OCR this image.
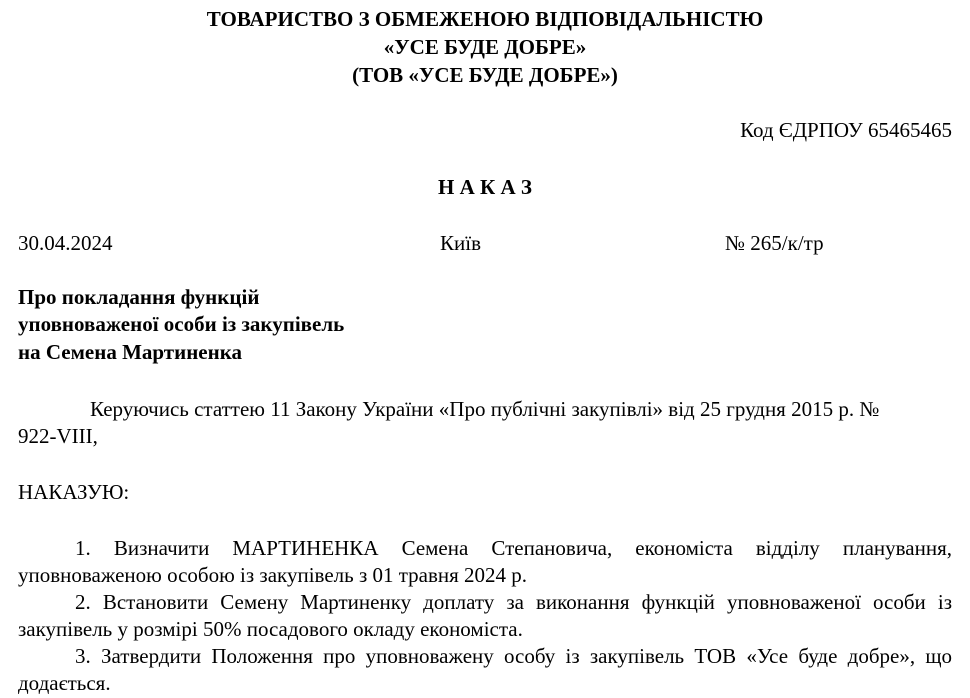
ТОВАРИСТВО З ОБМЕЖЕНОЮ ВІДПОВІДАЛЬНІСТЮ
«УСЕ БУДЕ ДОБРЕ»
(ТОВ «УСЕ БУДЕ ДОБРЕ»)
Код ЄДРПОУ 65465465
Н А К А З
30.04.2024	Київ	№ 265/к/тр
Про покладання функцій
уповноваженої особи із закупівель
на Семена Мартиненка
Керуючись статтею 11 Закону України «Про публічні закупівлі» від 25 грудня 2015 р. № 922-VIII,
НАКАЗУЮ:
1. Визначити МАРТИНЕНКА Семена Степановича, економіста відділу планування, уповноваженою особою із закупівель з 01 травня 2024 р.
2. Встановити Семену Мартиненку доплату за виконання функцій уповноваженої особи із закупівель у розмірі 50% посадового окладу економіста.
3. Затвердити Положення про уповноважену особу із закупівель ТОВ «Усе буде добре», що додається.
